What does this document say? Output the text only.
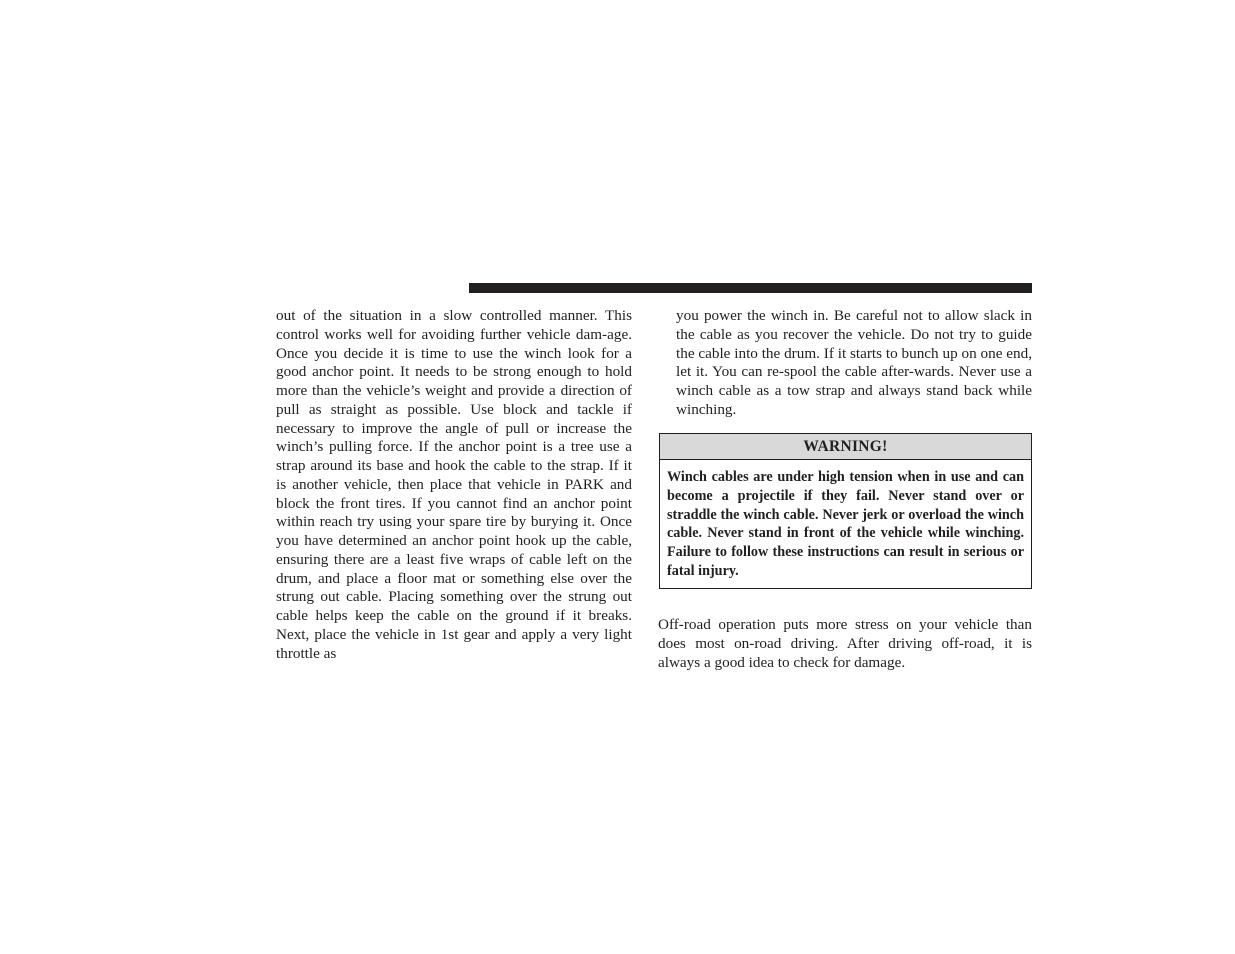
out of the situation in a slow controlled manner. This control works well for avoiding further vehicle dam-age. Once you decide it is time to use the winch look for a good anchor point. It needs to be strong enough to hold more than the vehicle’s weight and provide a direction of pull as straight as possible. Use block and tackle if necessary to improve the angle of pull or increase the winch’s pulling force. If the anchor point is a tree use a strap around its base and hook the cable to the strap. If it is another vehicle, then place that vehicle in PARK and block the front tires. If you cannot find an anchor point within reach try using your spare tire by burying it. Once you have determined an anchor point hook up the cable, ensuring there are a least five wraps of cable left on the drum, and place a floor mat or something else over the strung out cable. Placing something over the strung out cable helps keep the cable on the ground if it breaks. Next, place the vehicle in 1st gear and apply a very light throttle as

you power the winch in. Be careful not to allow slack in the cable as you recover the vehicle. Do not try to guide the cable into the drum. If it starts to bunch up on one end, let it. You can re-spool the cable after-wards. Never use a winch cable as a tow strap and always stand back while winching.

WARNING!

Winch cables are under high tension when in use and can become a projectile if they fail. Never stand over or straddle the winch cable. Never jerk or overload the winch cable. Never stand in front of the vehicle while winching. Failure to follow these instructions can result in serious or fatal injury.

Off-road operation puts more stress on your vehicle than does most on-road driving. After driving off-road, it is always a good idea to check for damage.
